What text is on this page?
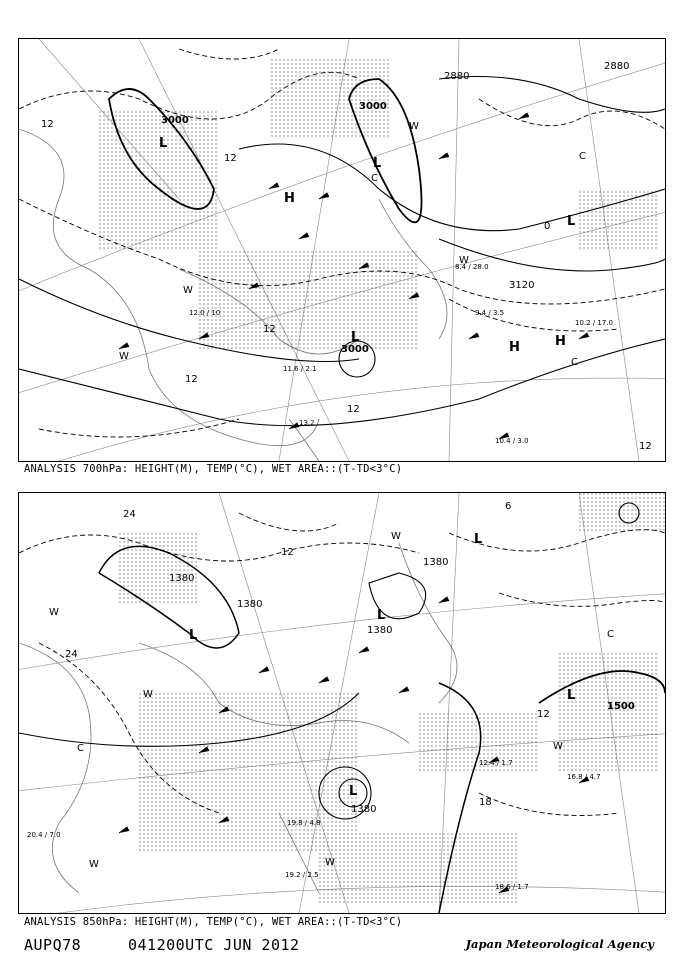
3000
3000
3000
2880
2880
3120
12
12
12
12
12
12
0
L
L
L
L
H
H	H
W
W
W
W
C
C
C
10.2 / 17.0
10.4 / 3.0
13.2
11.6 / 2.1
12.0 / 10	9.4 / 3.5
8.4 / 28.0
ANALYSIS 700hPa: HEIGHT(M), TEMP(°C), WET AREA::(T-TD<3°C)
1380
1380
1380
1380
1380
1500
24
24
18
12
12
6
L
L
L
L
L
W
W
W
W
W
W
C
C
16.8 / 4.7
18.6 / 1.7
12.4 / 1.7
20.4 / 7.0
19.8 / 4.8
19.2 / 2.5
ANALYSIS 850hPa: HEIGHT(M), TEMP(°C), WET AREA::(T-TD<3°C)
AUPQ78	041200UTC JUN 2012	Japan Meteorological Agency
